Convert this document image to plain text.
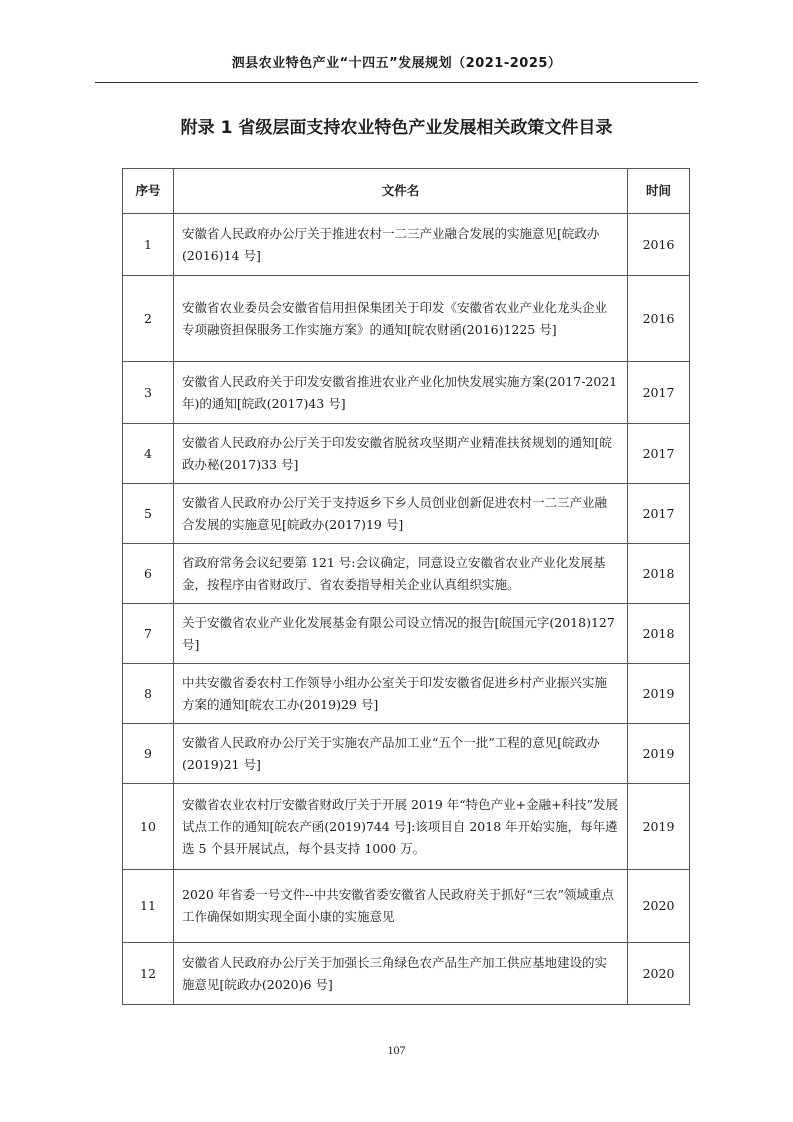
泗县农业特色产业“十四五”发展规划（2021-2025）
附录 1 省级层面支持农业特色产业发展相关政策文件目录
序号	文件名	时间
1	安徽省人民政府办公厅关于推进农村一二三产业融合发展的实施意见[皖政办(2016)14 号]	2016
2	安徽省农业委员会安徽省信用担保集团关于印发《安徽省农业产业化龙头企业专项融资担保服务工作实施方案》的通知[皖农财函(2016)1225 号]	2016
3	安徽省人民政府关于印发安徽省推进农业产业化加快发展实施方案(2017-2021 年)的通知[皖政(2017)43 号]	2017
4	安徽省人民政府办公厅关于印发安徽省脱贫攻坚期产业精准扶贫规划的通知[皖政办秘(2017)33 号]	2017
5	安徽省人民政府办公厅关于支持返乡下乡人员创业创新促进农村一二三产业融合发展的实施意见[皖政办(2017)19 号]	2017
6	省政府常务会议纪要第 121 号:会议确定，同意设立安徽省农业产业化发展基金，按程序由省财政厅、省农委指导相关企业认真组织实施。	2018
7	关于安徽省农业产业化发展基金有限公司设立情况的报告[皖国元字(2018)127 号]	2018
8	中共安徽省委农村工作领导小组办公室关于印发安徽省促进乡村产业振兴实施方案的通知[皖农工办(2019)29 号]	2019
9	安徽省人民政府办公厅关于实施农产品加工业“五个一批”工程的意见[皖政办(2019)21 号]	2019
10	安徽省农业农村厅安徽省财政厅关于开展 2019 年“特色产业+金融+科技”发展试点工作的通知[皖农产函(2019)744 号]:该项目自 2018 年开始实施，每年遴选 5 个县开展试点，每个县支持 1000 万。	2019
11	2020 年省委一号文件--中共安徽省委安徽省人民政府关于抓好“三农”领域重点工作确保如期实现全面小康的实施意见	2020
12	安徽省人民政府办公厅关于加强长三角绿色农产品生产加工供应基地建设的实施意见[皖政办(2020)6 号]	2020
107
